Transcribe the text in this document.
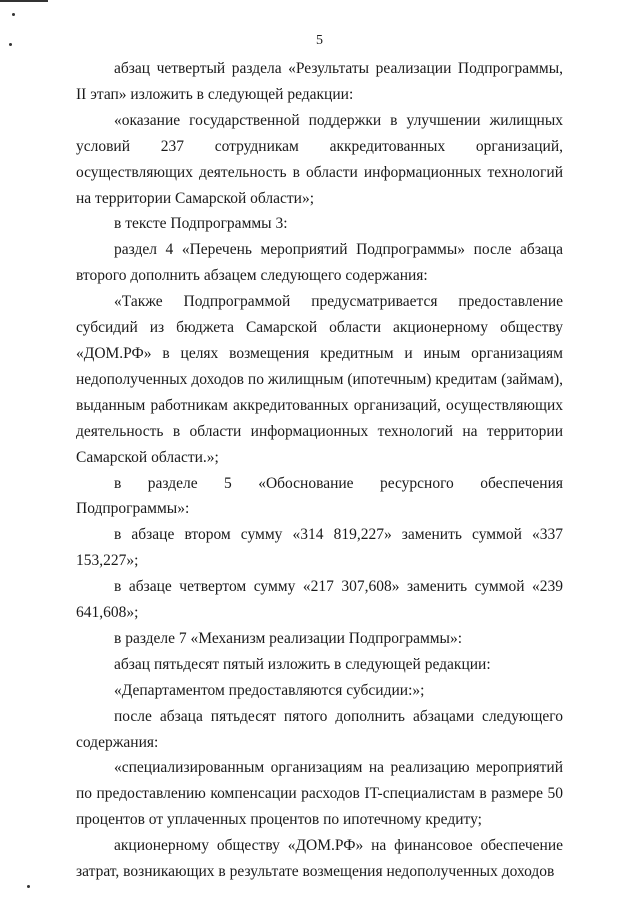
5

абзац четвертый раздела «Результаты реализации Подпрограммы, II этап» изложить в следующей редакции:

«оказание государственной поддержки в улучшении жилищных условий 237 сотрудникам аккредитованных организаций, осуществляющих деятельность в области информационных технологий на территории Самарской области»;

в тексте Подпрограммы 3:

раздел 4 «Перечень мероприятий Подпрограммы» после абзаца второго дополнить абзацем следующего содержания:

«Также Подпрограммой предусматривается предоставление субсидий из бюджета Самарской области акционерному обществу «ДОМ.РФ» в целях возмещения кредитным и иным организациям недополученных доходов по жилищным (ипотечным) кредитам (займам), выданным работникам аккредитованных организаций, осуществляющих деятельность в области информационных технологий на территории Самарской области.»;

в разделе 5 «Обоснование ресурсного обеспечения Подпрограммы»:

в абзаце втором сумму «314 819,227» заменить суммой «337 153,227»;

в абзаце четвертом сумму «217 307,608» заменить суммой «239 641,608»;

в разделе 7 «Механизм реализации Подпрограммы»:

абзац пятьдесят пятый изложить в следующей редакции:

«Департаментом предоставляются субсидии:»;

после абзаца пятьдесят пятого дополнить абзацами следующего содержания:

«специализированным организациям на реализацию мероприятий по предоставлению компенсации расходов IT-специалистам в размере 50 процентов от уплаченных процентов по ипотечному кредиту;

акционерному обществу «ДОМ.РФ» на финансовое обеспечение затрат, возникающих в результате возмещения недополученных доходов
